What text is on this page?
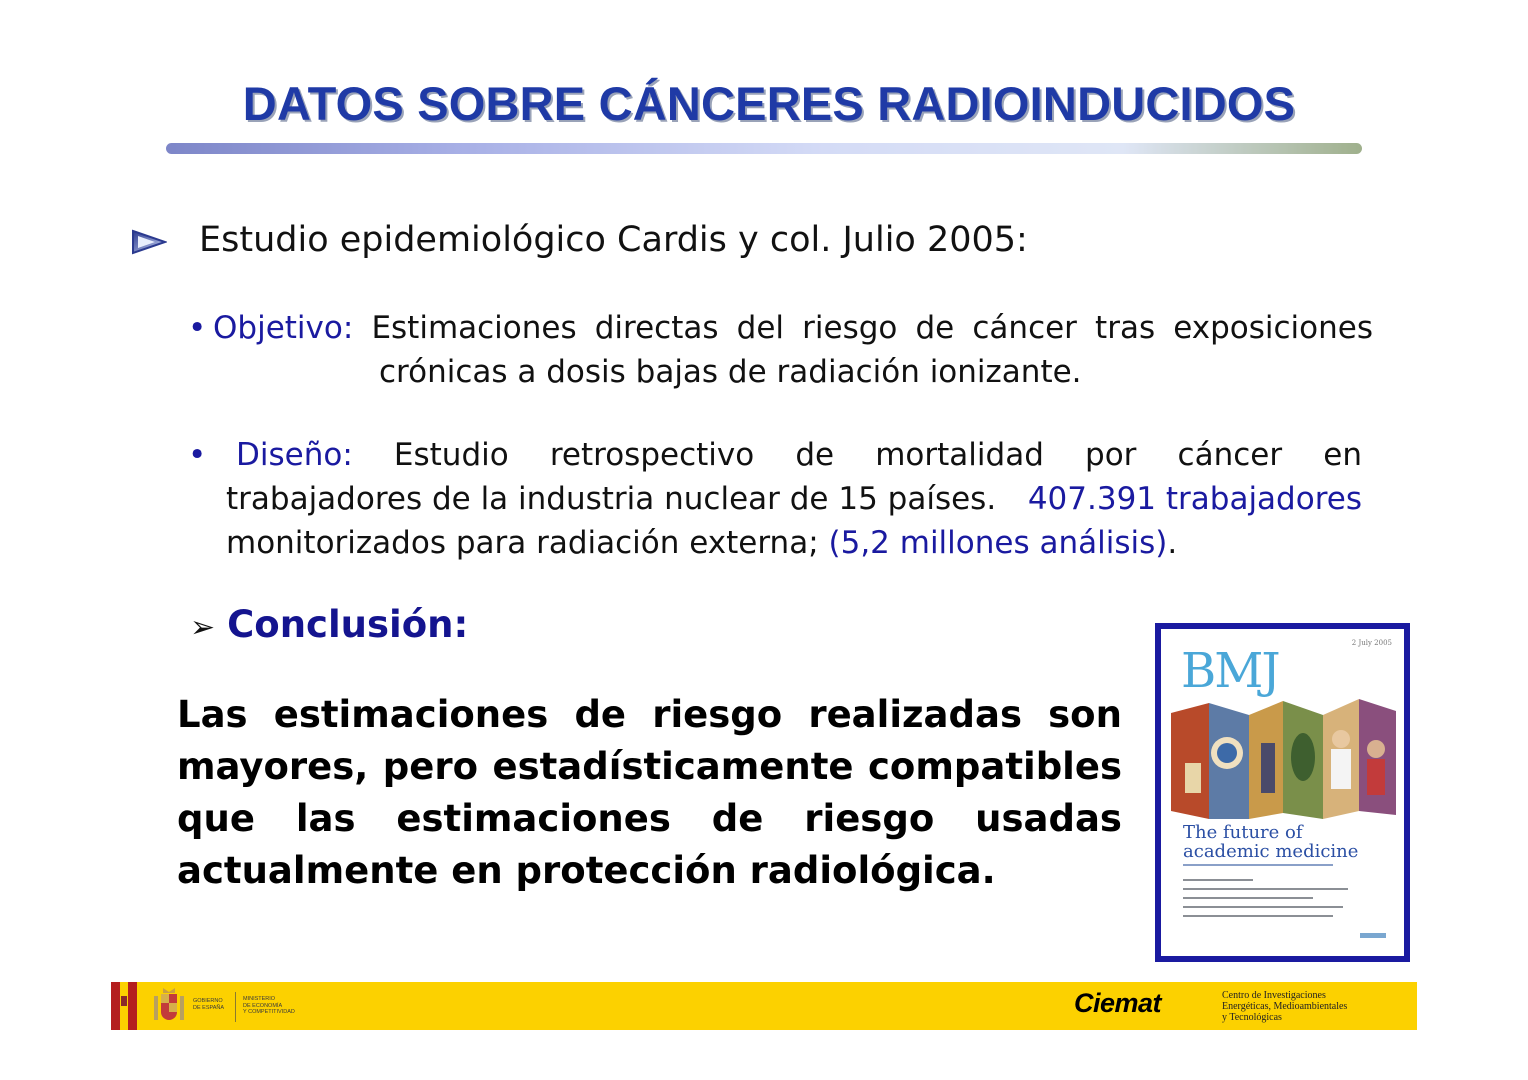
DATOS SOBRE CÁNCERES RADIOINDUCIDOS
Estudio epidemiológico Cardis y col. Julio 2005:
• Objetivo: Estimaciones directas del riesgo de cáncer tras exposiciones
crónicas a dosis bajas de radiación ionizante.
• Diseño: Estudio retrospectivo de mortalidad por cáncer en
trabajadores de la industria nuclear de 15 países. 407.391 trabajadores
monitorizados para radiación externa; (5,2 millones análisis).
➢ Conclusión:
Las estimaciones de riesgo realizadas son
mayores, pero estadísticamente compatibles
que las estimaciones de riesgo usadas
actualmente en protección radiológica.
2 July 2005
BMJ
The future of
academic medicine
GOBIERNO
DE ESPAÑA
MINISTERIO
DE ECONOMÍA
Y COMPETITIVIDAD	Ciemat	Centro de Investigaciones
Energéticas, Medioambientales
y Tecnológicas
